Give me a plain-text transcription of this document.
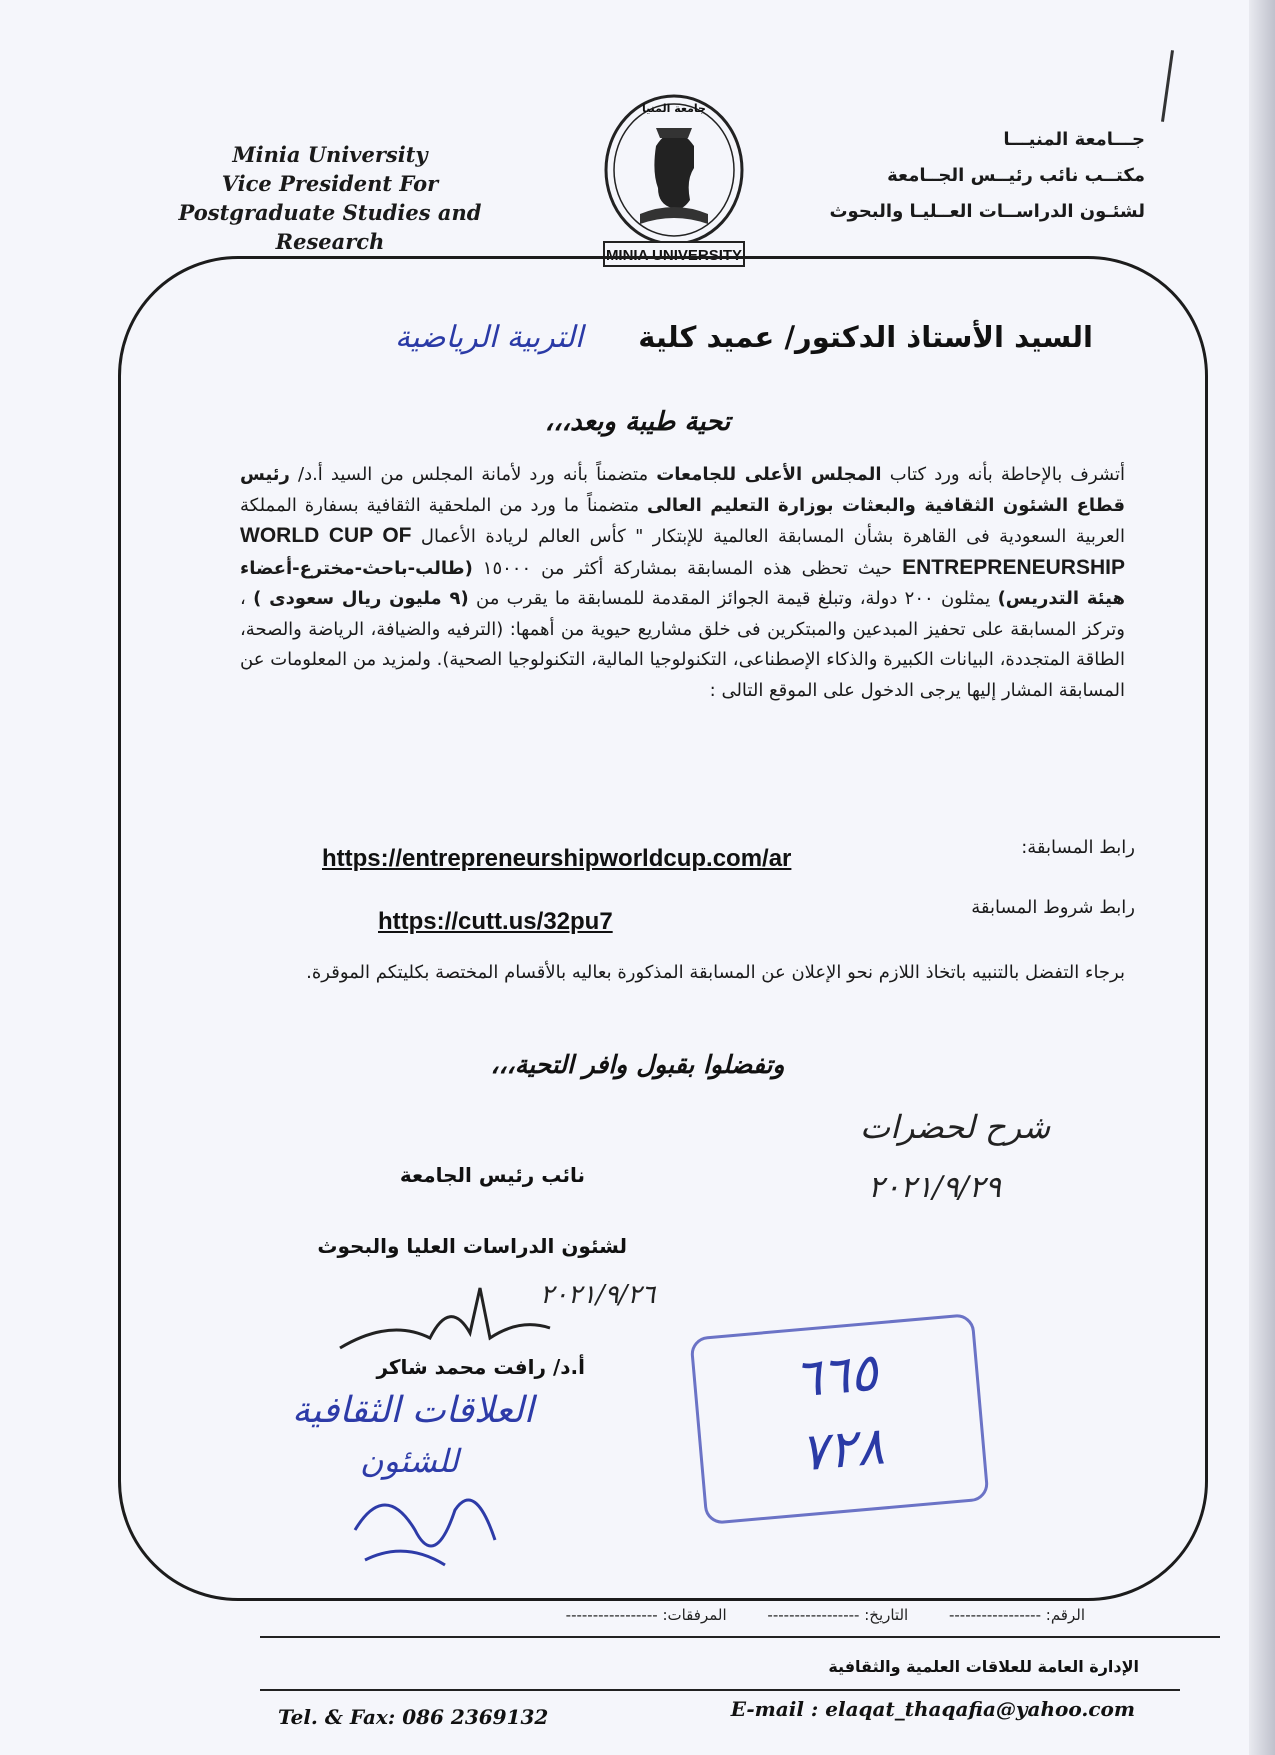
Minia University
Vice President For
Postgraduate Studies and Research
جـــامعة المنيـــا
مكتــب نائب رئيــس الجــامعة
لشئـون الدراســات العــليـا والبحوث
MINIA UNIVERSITY
جامعة المنيا
السيد الأستاذ الدكتور/ عميد كلية
التربية الرياضية
تحية طيبة وبعد،،،
أتشرف بالإحاطة بأنه ورد كتاب المجلس الأعلى للجامعات متضمناً بأنه ورد لأمانة المجلس من السيد أ.د/ رئيس قطاع الشئون الثقافية والبعثات بوزارة التعليم العالى متضمناً ما ورد من الملحقية الثقافية بسفارة المملكة العربية السعودية فى القاهرة بشأن المسابقة العالمية للإبتكار " كأس العالم لريادة الأعمال WORLD CUP OF ENTREPRENEURSHIP حيث تحظى هذه المسابقة بمشاركة أكثر من ١٥٠٠٠ (طالب-باحث-مخترع-أعضاء هيئة التدريس) يمثلون ٢٠٠ دولة، وتبلغ قيمة الجوائز المقدمة للمسابقة ما يقرب من (٩ مليون ريال سعودى ) ، وتركز المسابقة على تحفيز المبدعين والمبتكرين فى خلق مشاريع حيوية من أهمها: (الترفيه والضيافة، الرياضة والصحة، الطاقة المتجددة، البيانات الكبيرة والذكاء الإصطناعى، التكنولوجيا المالية، التكنولوجيا الصحية). ولمزيد من المعلومات عن المسابقة المشار إليها يرجى الدخول على الموقع التالى :
رابط المسابقة:
https://entrepreneurshipworldcup.com/ar
رابط شروط المسابقة
https://cutt.us/32pu7
برجاء التفضل بالتنبيه باتخاذ اللازم نحو الإعلان عن المسابقة المذكورة بعاليه بالأقسام المختصة بكليتكم الموقرة.
وتفضلوا بقبول وافر التحية،،،
شرح لحضرات
٢٠٢١/٩/٢٩
نائب رئيس الجامعة
لشئون الدراسات العليا والبحوث
٢٠٢١/٩/٢٦
أ.د/ رافت محمد شاكر
العلاقات الثقافية
للشئون
٦٦٥
٧٢٨
الرقم: ----------------- التاريخ: ----------------- المرفقات: -----------------
الإدارة العامة للعلاقات العلمية والثقافية
E-mail : elaqat_thaqafia@yahoo.com
Tel. & Fax: 086 2369132
